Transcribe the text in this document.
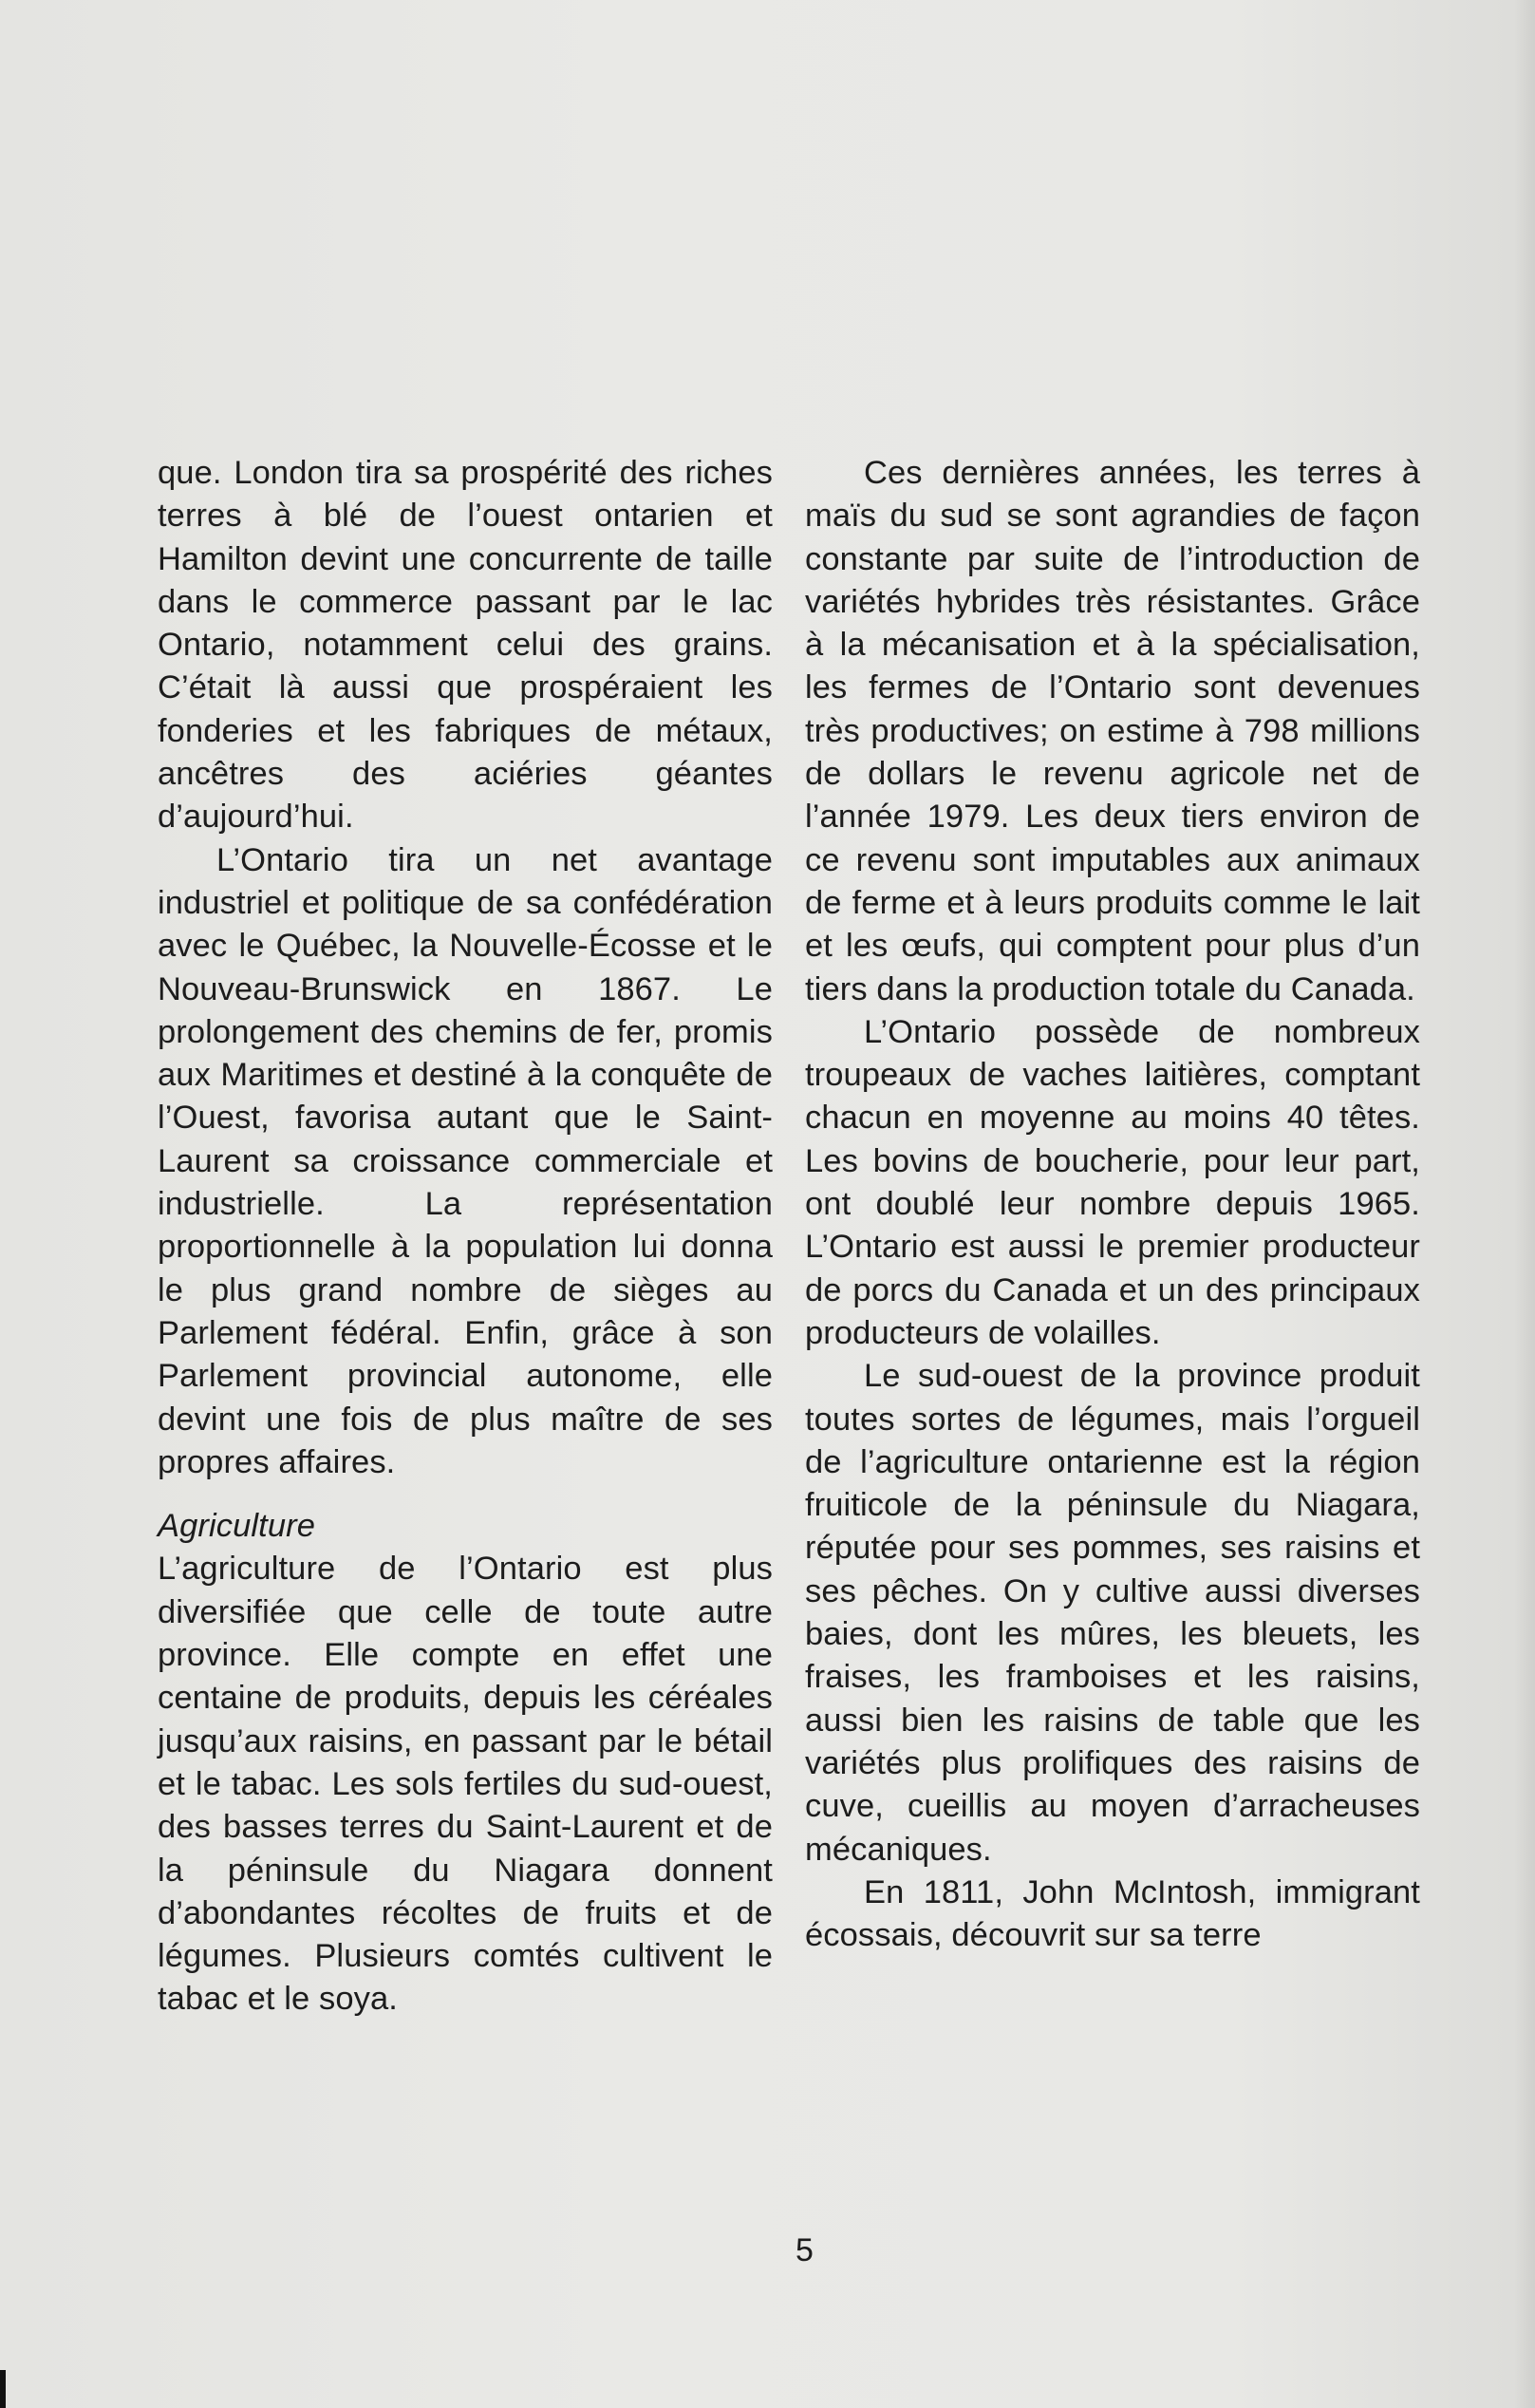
que. London tira sa prospérité des riches terres à blé de l’ouest ontarien et Hamilton devint une concurrente de taille dans le commerce passant par le lac Ontario, notamment celui des grains. C’était là aussi que prospéraient les fonderies et les fabriques de métaux, ancêtres des aciéries géantes d’aujourd’hui.

L’Ontario tira un net avantage industriel et politique de sa confédération avec le Québec, la Nouvelle-Écosse et le Nouveau-Brunswick en 1867. Le prolongement des chemins de fer, promis aux Maritimes et destiné à la conquête de l’Ouest, favorisa autant que le Saint-Laurent sa croissance commerciale et industrielle. La représentation proportionnelle à la population lui donna le plus grand nombre de sièges au Parlement fédéral. Enfin, grâce à son Parlement provincial autonome, elle devint une fois de plus maître de ses propres affaires.

Agriculture

L’agriculture de l’Ontario est plus diversifiée que celle de toute autre province. Elle compte en effet une centaine de produits, depuis les céréales jusqu’aux raisins, en passant par le bétail et le tabac. Les sols fertiles du sud-ouest, des basses terres du Saint-Laurent et de la péninsule du Niagara donnent d’abondantes récoltes de fruits et de légumes. Plusieurs comtés cultivent le tabac et le soya.

Ces dernières années, les terres à maïs du sud se sont agrandies de façon constante par suite de l’introduction de variétés hybrides très résistantes. Grâce à la mécanisation et à la spécialisation, les fermes de l’Ontario sont devenues très productives; on estime à 798 millions de dollars le revenu agricole net de l’année 1979. Les deux tiers environ de ce revenu sont imputables aux animaux de ferme et à leurs produits comme le lait et les œufs, qui comptent pour plus d’un tiers dans la production totale du Canada.

L’Ontario possède de nombreux troupeaux de vaches laitières, comptant chacun en moyenne au moins 40 têtes. Les bovins de boucherie, pour leur part, ont doublé leur nombre depuis 1965. L’Ontario est aussi le premier producteur de porcs du Canada et un des principaux producteurs de volailles.

Le sud-ouest de la province produit toutes sortes de légumes, mais l’orgueil de l’agriculture ontarienne est la région fruiticole de la péninsule du Niagara, réputée pour ses pommes, ses raisins et ses pêches. On y cultive aussi diverses baies, dont les mûres, les bleuets, les fraises, les framboises et les raisins, aussi bien les raisins de table que les variétés plus prolifiques des raisins de cuve, cueillis au moyen d’arracheuses mécaniques.

En 1811, John McIntosh, immigrant écossais, découvrit sur sa terre

5
